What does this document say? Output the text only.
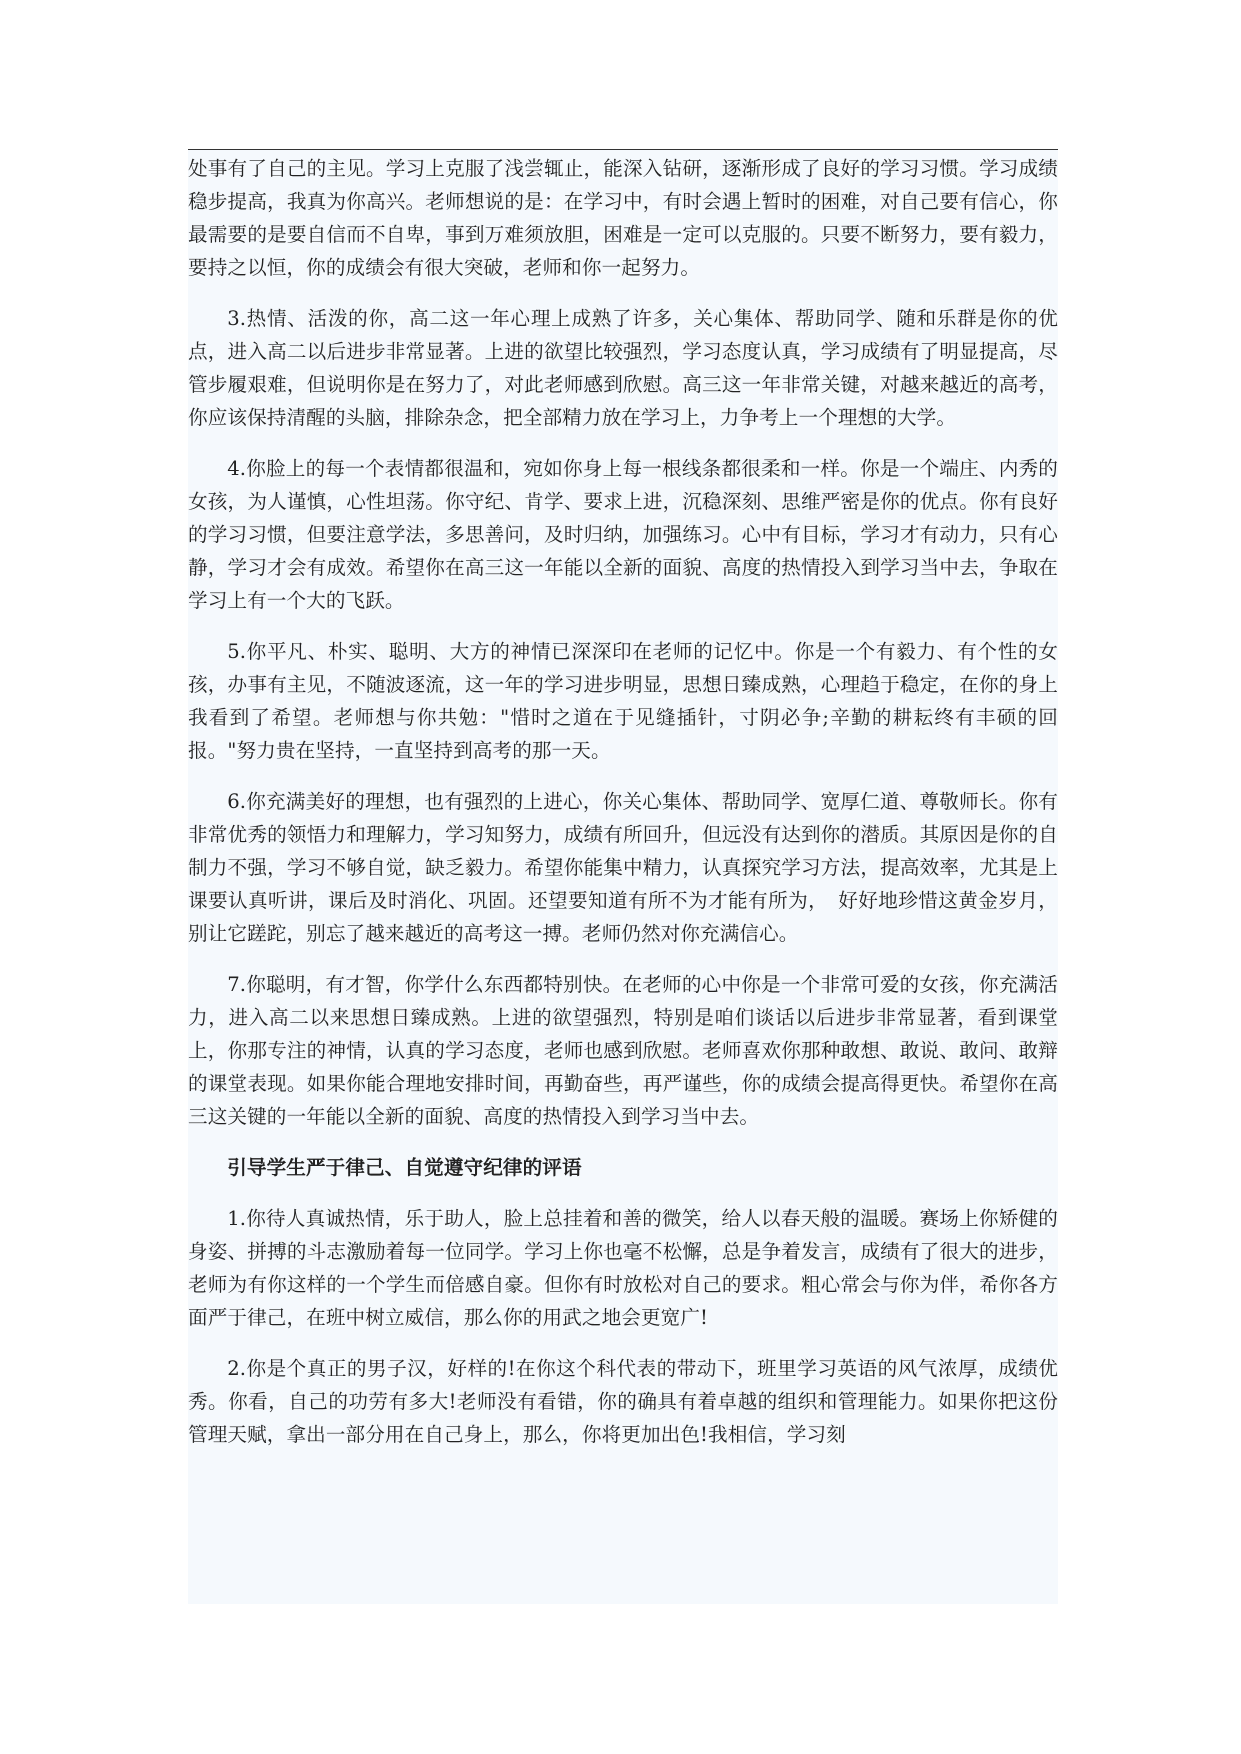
处事有了自己的主见。学习上克服了浅尝辄止，能深入钻研，逐渐形成了良好的学习习惯。学习成绩稳步提高，我真为你高兴。老师想说的是：在学习中，有时会遇上暂时的困难，对自己要有信心，你最需要的是要自信而不自卑，事到万难须放胆，困难是一定可以克服的。只要不断努力，要有毅力，要持之以恒，你的成绩会有很大突破，老师和你一起努力。

3.热情、活泼的你，高二这一年心理上成熟了许多，关心集体、帮助同学、随和乐群是你的优点，进入高二以后进步非常显著。上进的欲望比较强烈，学习态度认真，学习成绩有了明显提高，尽管步履艰难，但说明你是在努力了，对此老师感到欣慰。高三这一年非常关键，对越来越近的高考，你应该保持清醒的头脑，排除杂念，把全部精力放在学习上，力争考上一个理想的大学。

4.你脸上的每一个表情都很温和，宛如你身上每一根线条都很柔和一样。你是一个端庄、内秀的女孩，为人谨慎，心性坦荡。你守纪、肯学、要求上进，沉稳深刻、思维严密是你的优点。你有良好的学习习惯，但要注意学法，多思善问，及时归纳，加强练习。心中有目标，学习才有动力，只有心静，学习才会有成效。希望你在高三这一年能以全新的面貌、高度的热情投入到学习当中去，争取在学习上有一个大的飞跃。

5.你平凡、朴实、聪明、大方的神情已深深印在老师的记忆中。你是一个有毅力、有个性的女孩，办事有主见，不随波逐流，这一年的学习进步明显，思想日臻成熟，心理趋于稳定，在你的身上我看到了希望。老师想与你共勉："惜时之道在于见缝插针，寸阴必争;辛勤的耕耘终有丰硕的回报。"努力贵在坚持，一直坚持到高考的那一天。

6.你充满美好的理想，也有强烈的上进心，你关心集体、帮助同学、宽厚仁道、尊敬师长。你有非常优秀的领悟力和理解力，学习知努力，成绩有所回升，但远没有达到你的潜质。其原因是你的自制力不强，学习不够自觉，缺乏毅力。希望你能集中精力，认真探究学习方法，提高效率，尤其是上课要认真听讲，课后及时消化、巩固。还望要知道有所不为才能有所为，　好好地珍惜这黄金岁月，别让它蹉跎，别忘了越来越近的高考这一搏。老师仍然对你充满信心。

7.你聪明，有才智，你学什么东西都特别快。在老师的心中你是一个非常可爱的女孩，你充满活力，进入高二以来思想日臻成熟。上进的欲望强烈，特别是咱们谈话以后进步非常显著，看到课堂上，你那专注的神情，认真的学习态度，老师也感到欣慰。老师喜欢你那种敢想、敢说、敢问、敢辩的课堂表现。如果你能合理地安排时间，再勤奋些，再严谨些，你的成绩会提高得更快。希望你在高三这关键的一年能以全新的面貌、高度的热情投入到学习当中去。

引导学生严于律己、自觉遵守纪律的评语

1.你待人真诚热情，乐于助人，脸上总挂着和善的微笑，给人以春天般的温暖。赛场上你矫健的身姿、拼搏的斗志激励着每一位同学。学习上你也毫不松懈，总是争着发言，成绩有了很大的进步，老师为有你这样的一个学生而倍感自豪。但你有时放松对自己的要求。粗心常会与你为伴，希你各方面严于律己，在班中树立威信，那么你的用武之地会更宽广!

2.你是个真正的男子汉，好样的!在你这个科代表的带动下，班里学习英语的风气浓厚，成绩优秀。你看，自己的功劳有多大!老师没有看错，你的确具有着卓越的组织和管理能力。如果你把这份管理天赋，拿出一部分用在自己身上，那么，你将更加出色!我相信，学习刻
